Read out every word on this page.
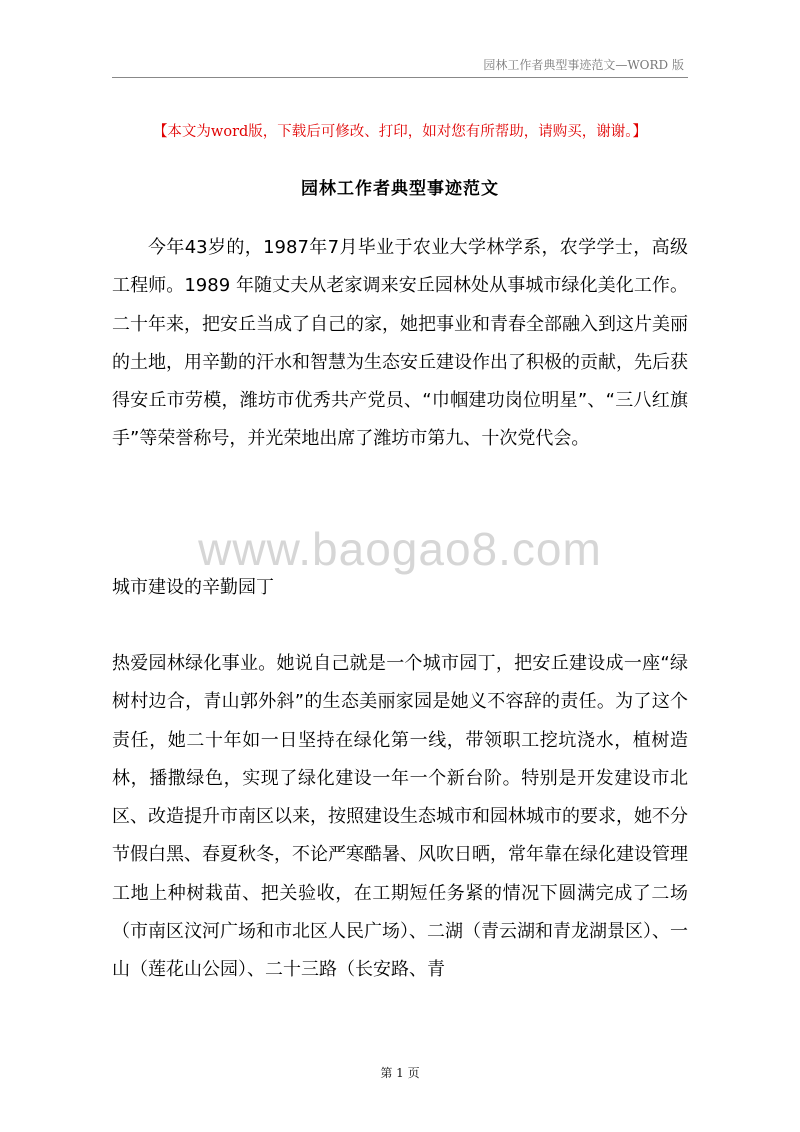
园林工作者典型事迹范文—WORD 版
【本文为word版，下载后可修改、打印，如对您有所帮助，请购买，谢谢。】
园林工作者典型事迹范文

今年43岁的，1987年7月毕业于农业大学林学系，农学学士，高级工程师。1989 年随丈夫从老家调来安丘园林处从事城市绿化美化工作。二十年来，把安丘当成了自己的家，她把事业和青春全部融入到这片美丽的土地，用辛勤的汗水和智慧为生态安丘建设作出了积极的贡献，先后获得安丘市劳模，潍坊市优秀共产党员、“巾帼建功岗位明星”、“三八红旗手”等荣誉称号，并光荣地出席了潍坊市第九、十次党代会。

www.baogao8.com
城市建设的辛勤园丁

热爱园林绿化事业。她说自己就是一个城市园丁，把安丘建设成一座“绿树村边合，青山郭外斜”的生态美丽家园是她义不容辞的责任。为了这个责任，她二十年如一日坚持在绿化第一线，带领职工挖坑浇水，植树造林，播撒绿色，实现了绿化建设一年一个新台阶。特别是开发建设市北区、改造提升市南区以来，按照建设生态城市和园林城市的要求，她不分节假白黑、春夏秋冬，不论严寒酷暑、风吹日晒，常年靠在绿化建设管理工地上种树栽苗、把关验收，在工期短任务紧的情况下圆满完成了二场（市南区汶河广场和市北区人民广场）、二湖（青云湖和青龙湖景区）、一山（莲花山公园）、二十三路（长安路、青

第 1 页
